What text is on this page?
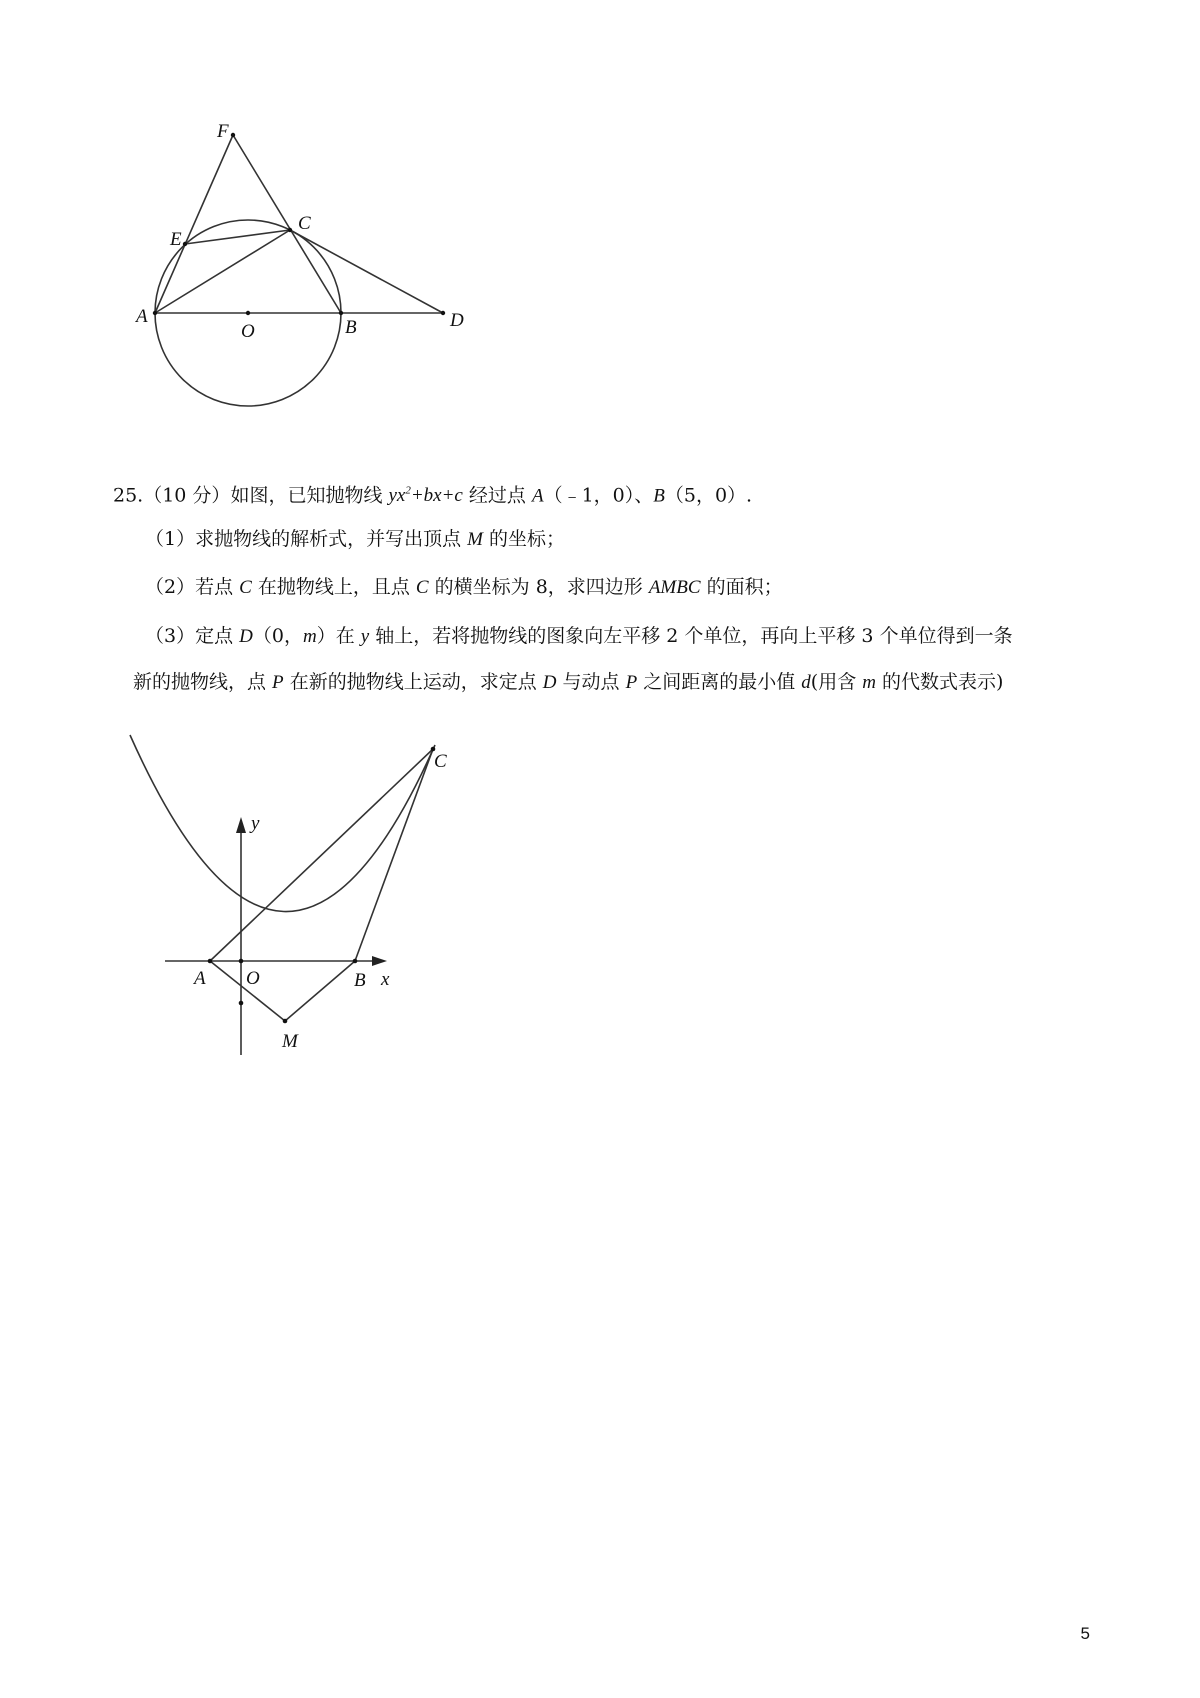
F
E
C
A
O	B	D
25.（10 分）如图，已知抛物线 $yx^2+bx+c$ 经过点 A（﹣1，0）、B（5，0）.
（1）求抛物线的解析式，并写出顶点 M 的坐标；
（2）若点 C 在抛物线上，且点 C 的横坐标为 8，求四边形 AMBC 的面积；
（3）定点 D（0，m）在 y 轴上，若将抛物线的图象向左平移 2 个单位，再向上平移 3 个单位得到一条
新的抛物线，点 P 在新的抛物线上运动，求定点 D 与动点 P 之间距离的最小值 d(用含 m 的代数式表示)
y
x
A O	B
M
C
5
